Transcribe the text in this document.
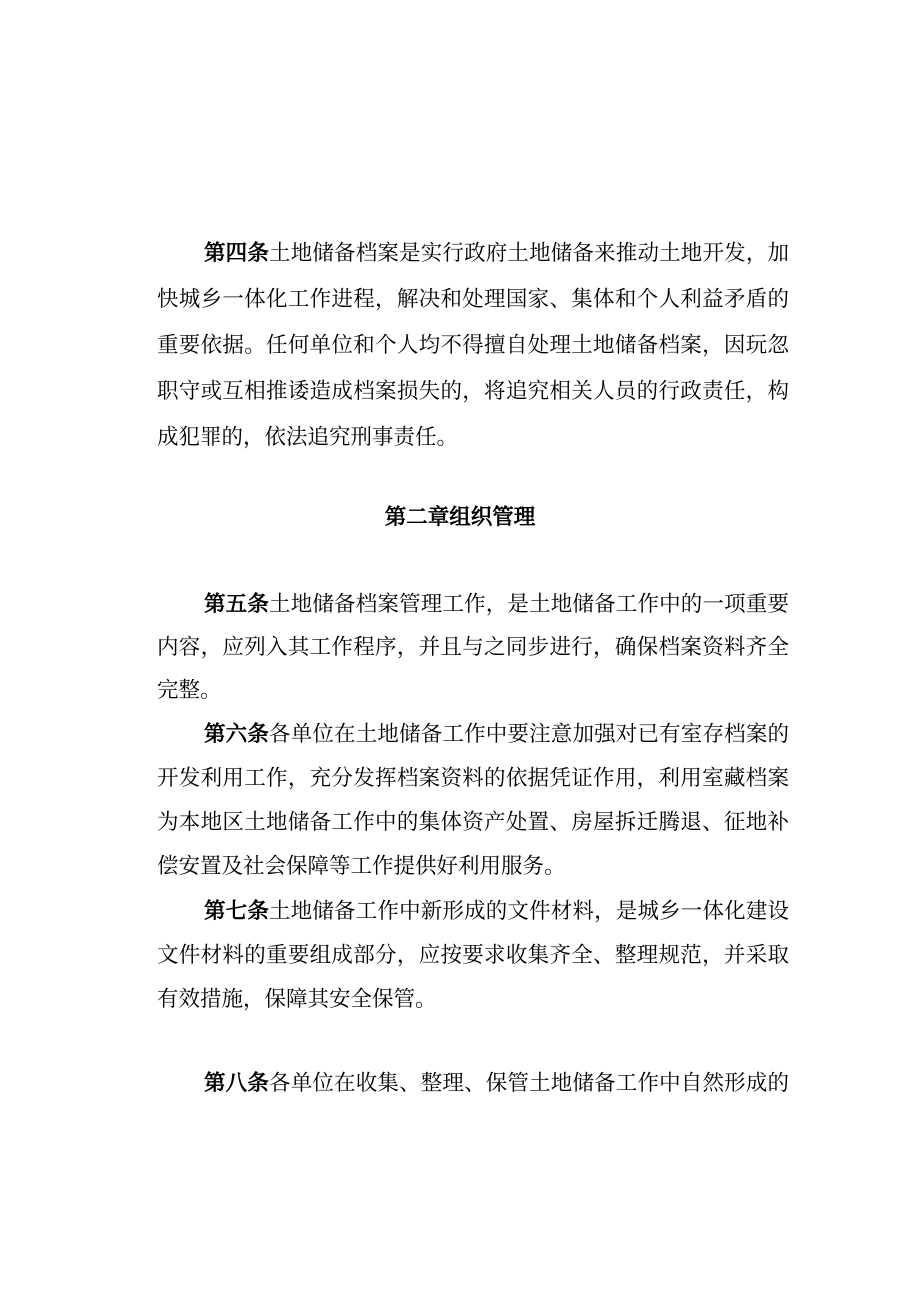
第四条土地储备档案是实行政府土地储备来推动土地开发，加
快城乡一体化工作进程，解决和处理国家、集体和个人利益矛盾的
重要依据。任何单位和个人均不得擅自处理土地储备档案，因玩忽
职守或互相推诿造成档案损失的，将追究相关人员的行政责任，构
成犯罪的，依法追究刑事责任。
第二章组织管理
第五条土地储备档案管理工作，是土地储备工作中的一项重要
内容，应列入其工作程序，并且与之同步进行，确保档案资料齐全
完整。
第六条各单位在土地储备工作中要注意加强对已有室存档案的
开发利用工作，充分发挥档案资料的依据凭证作用，利用室藏档案
为本地区土地储备工作中的集体资产处置、房屋拆迁腾退、征地补
偿安置及社会保障等工作提供好利用服务。
第七条土地储备工作中新形成的文件材料，是城乡一体化建设
文件材料的重要组成部分，应按要求收集齐全、整理规范，并采取
有效措施，保障其安全保管。
第八条各单位在收集、整理、保管土地储备工作中自然形成的
